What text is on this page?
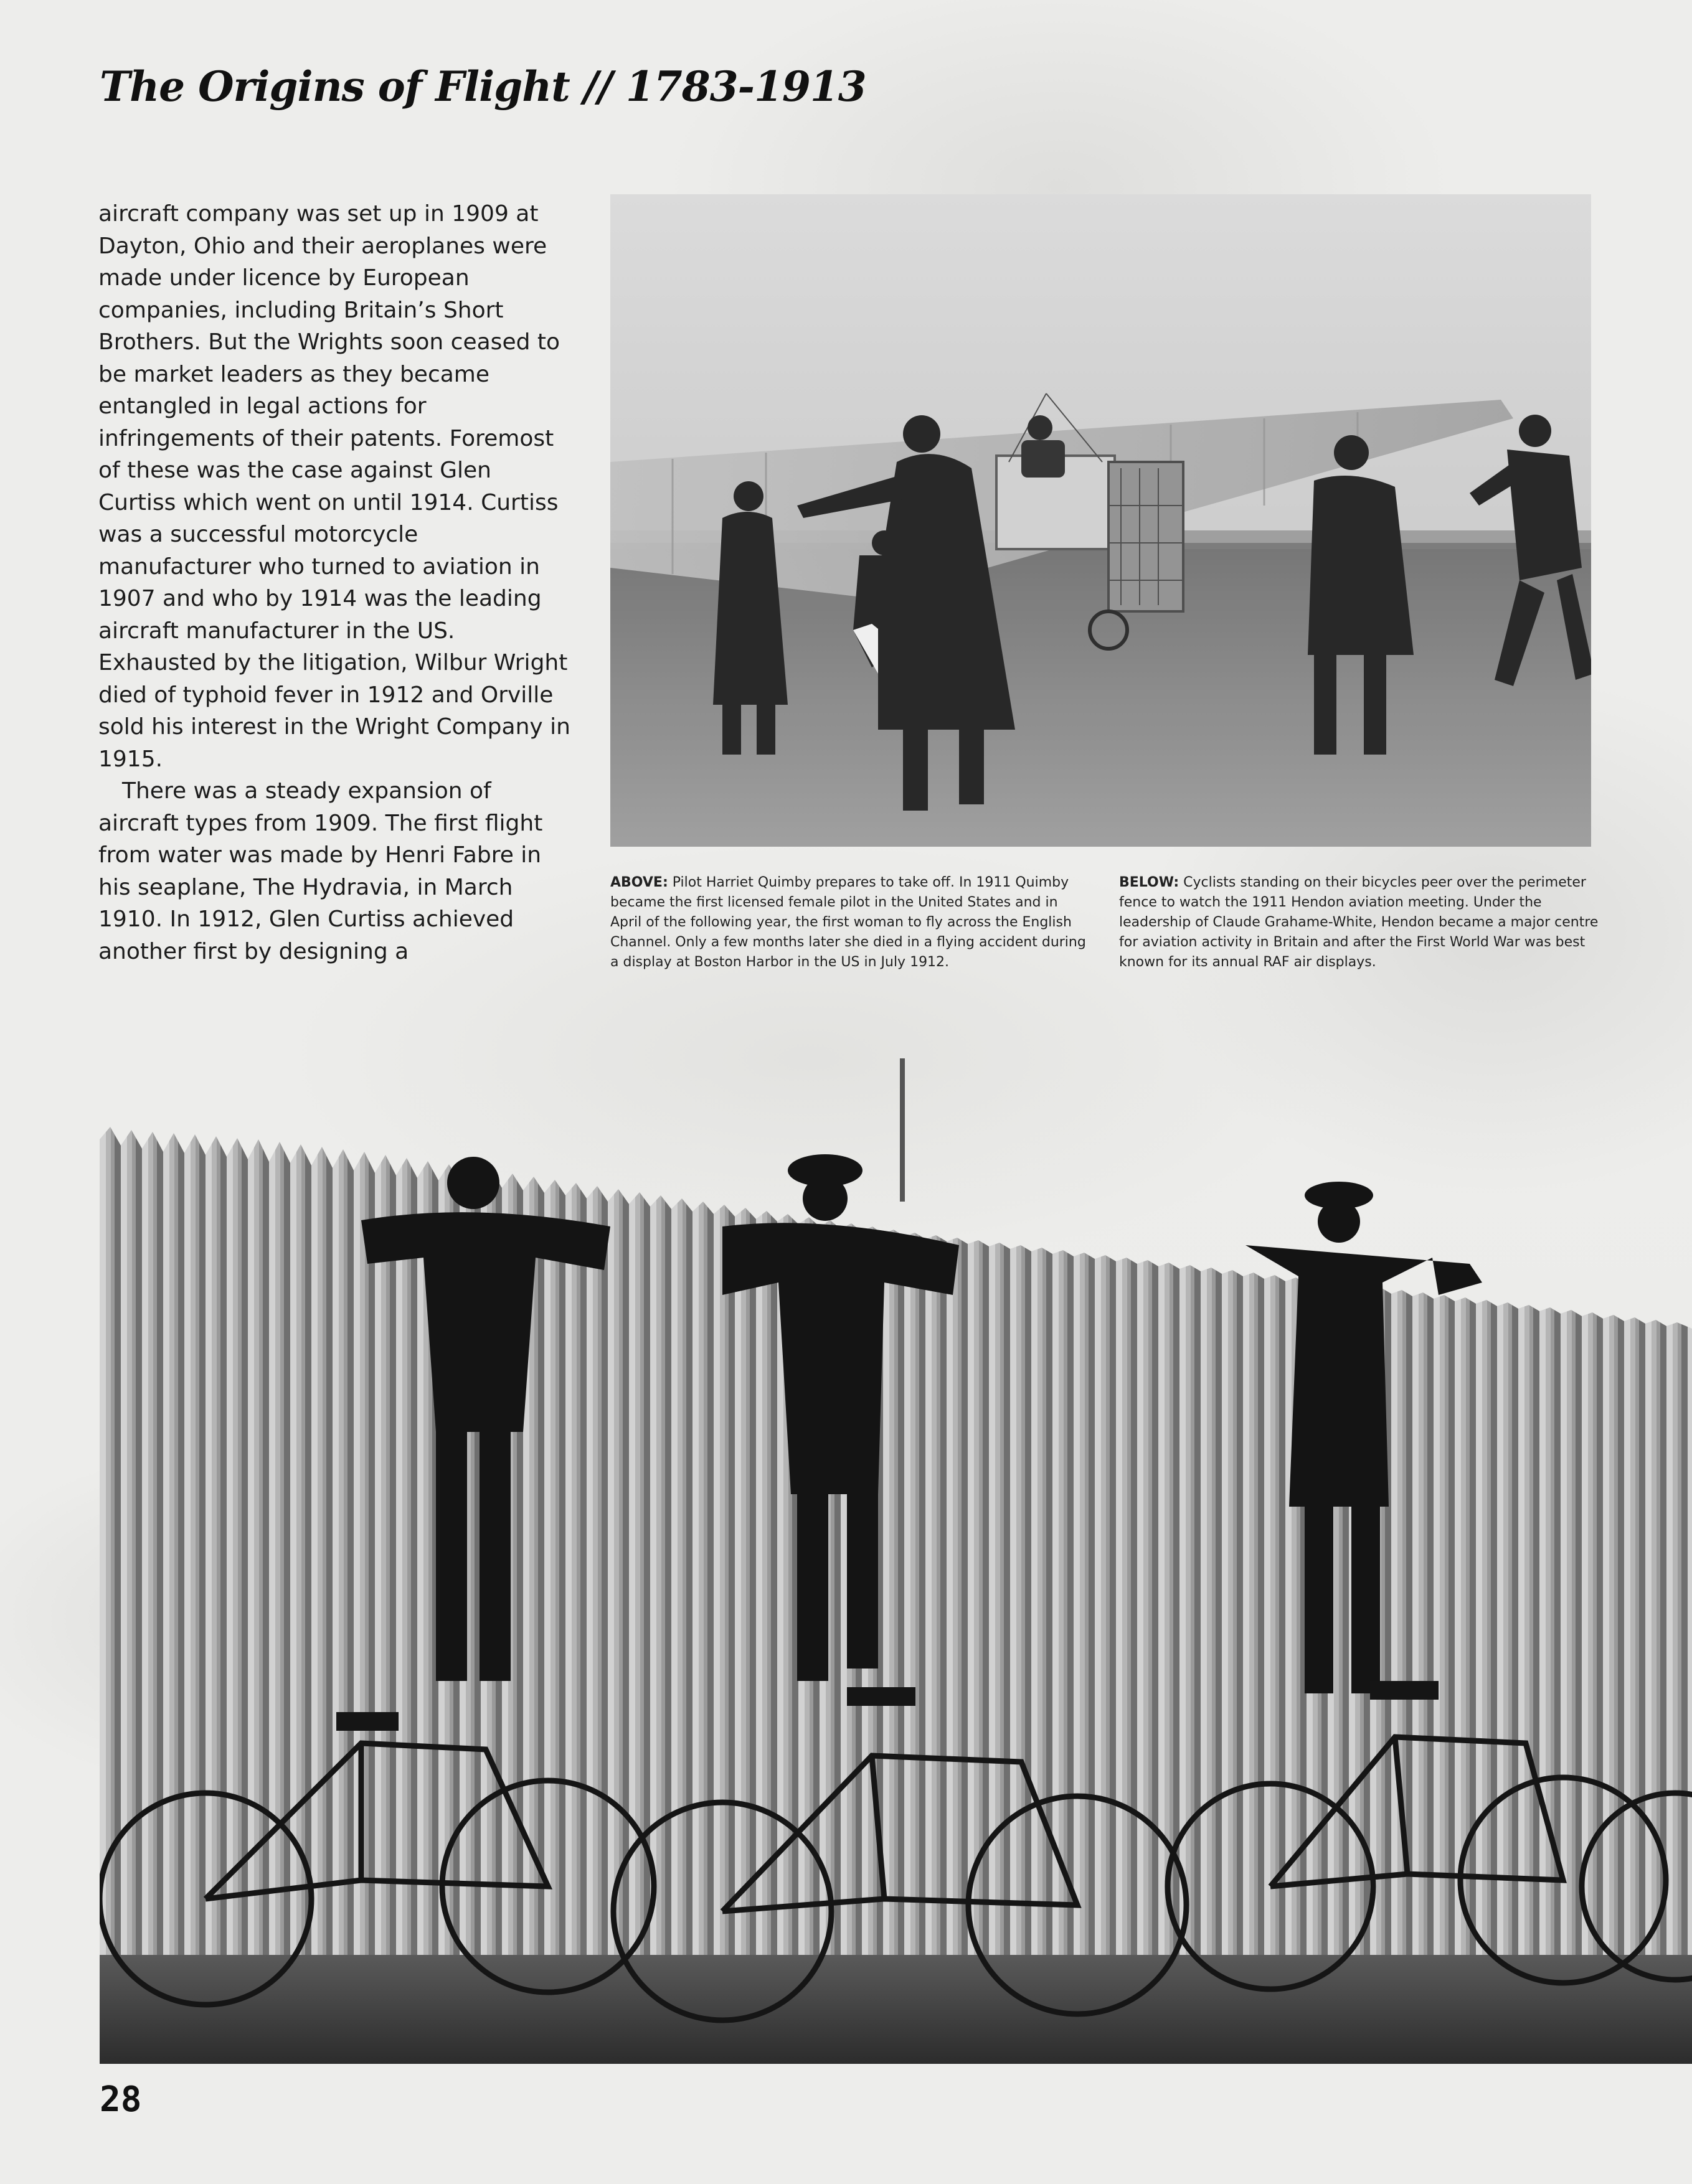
The Origins of Flight // 1783-1913

aircraft company was set up in 1909 at Dayton, Ohio and their aeroplanes were made under licence by European companies, including Britain’s Short Brothers. But the Wrights soon ceased to be market leaders as they became entangled in legal actions for infringements of their patents. Foremost of these was the case against Glen Curtiss which went on until 1914. Curtiss was a successful motorcycle manufacturer who turned to aviation in 1907 and who by 1914 was the leading aircraft manufacturer in the US. Exhausted by the litigation, Wilbur Wright died of typhoid fever in 1912 and Orville sold his interest in the Wright Company in 1915.

There was a steady expansion of aircraft types from 1909. The first flight from water was made by Henri Fabre in his seaplane, The Hydravia, in March 1910. In 1912, Glen Curtiss achieved another first by designing a

ABOVE: Pilot Harriet Quimby prepares to take off. In 1911 Quimby became the first licensed female pilot in the United States and in April of the following year, the first woman to fly across the English Channel. Only a few months later she died in a flying accident during a display at Boston Harbor in the US in July 1912.

BELOW: Cyclists standing on their bicycles peer over the perimeter fence to watch the 1911 Hendon aviation meeting. Under the leadership of Claude Grahame-White, Hendon became a major centre for aviation activity in Britain and after the First World War was best known for its annual RAF air displays.

28
